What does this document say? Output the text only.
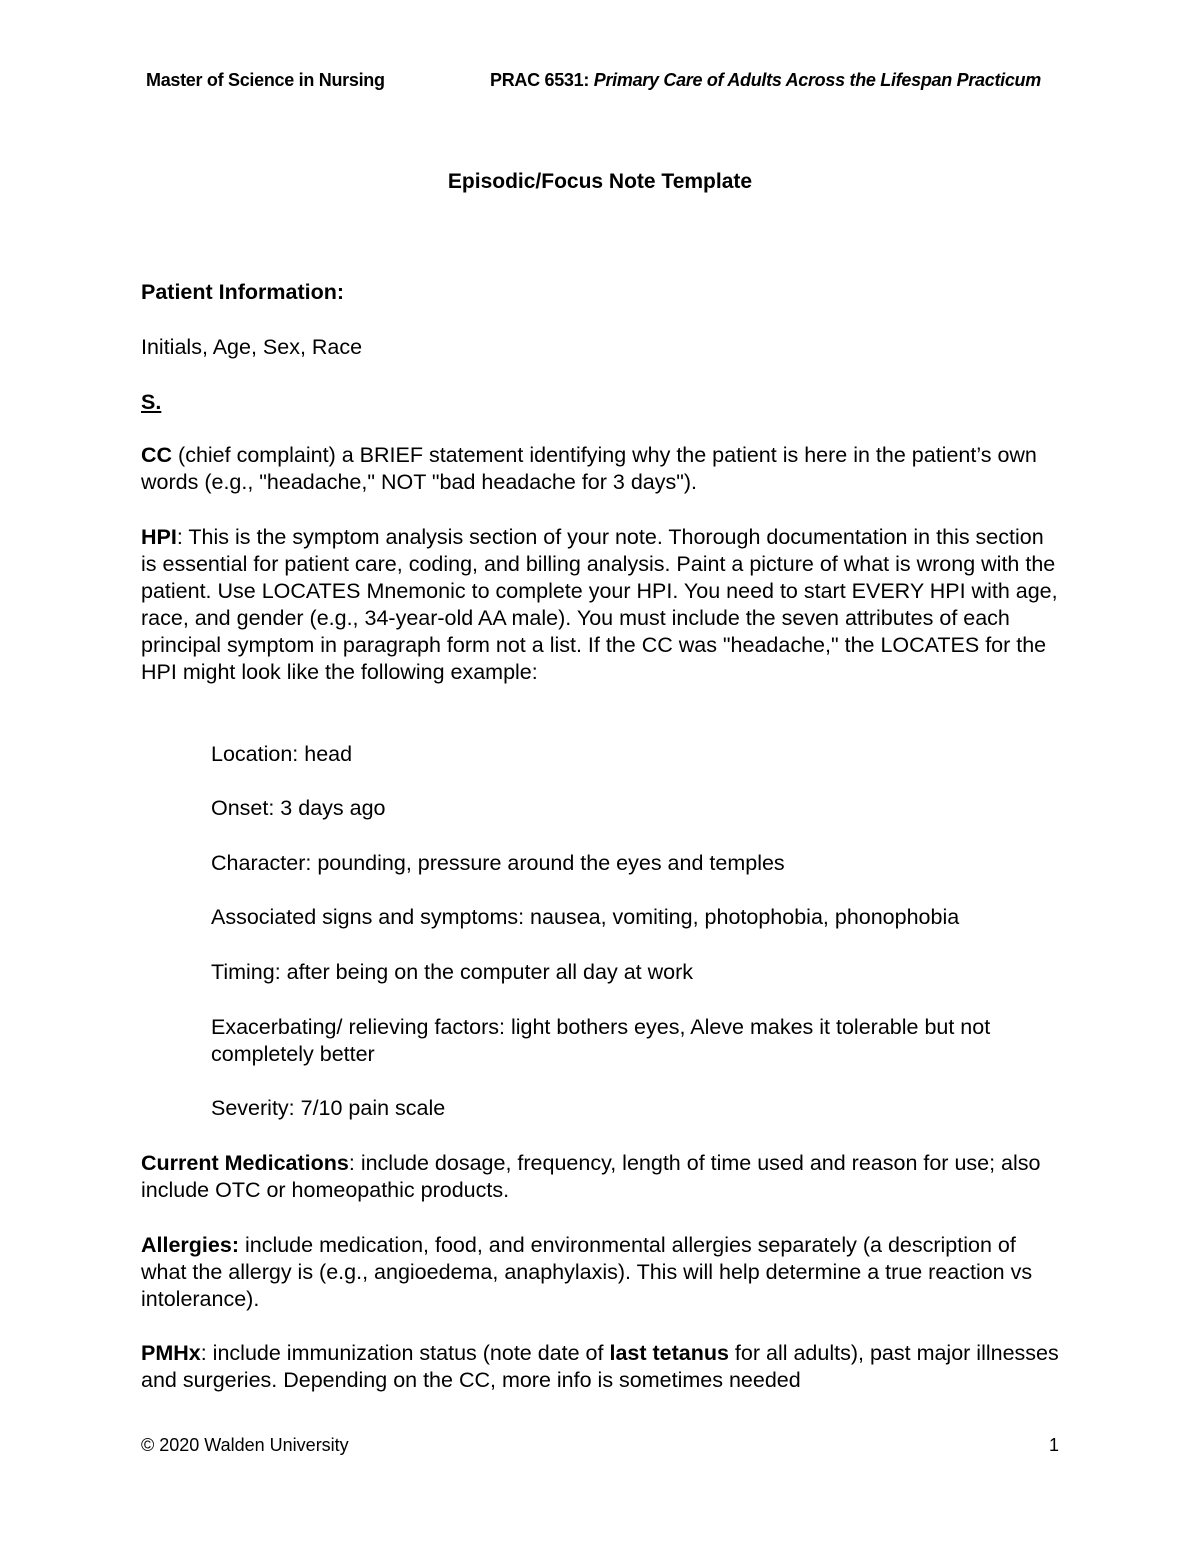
Master of Science in Nursing	PRAC 6531: Primary Care of Adults Across the Lifespan Practicum
Episodic/Focus Note Template

Patient Information:

Initials, Age, Sex, Race

S.

CC (chief complaint) a BRIEF statement identifying why the patient is here in the patient’s own words (e.g., "headache," NOT "bad headache for 3 days").

HPI: This is the symptom analysis section of your note. Thorough documentation in this section is essential for patient care, coding, and billing analysis. Paint a picture of what is wrong with the patient. Use LOCATES Mnemonic to complete your HPI. You need to start EVERY HPI with age, race, and gender (e.g., 34-year-old AA male). You must include the seven attributes of each principal symptom in paragraph form not a list. If the CC was "headache," the LOCATES for the HPI might look like the following example:

Location: head

Onset: 3 days ago

Character: pounding, pressure around the eyes and temples

Associated signs and symptoms: nausea, vomiting, photophobia, phonophobia

Timing: after being on the computer all day at work

Exacerbating/ relieving factors: light bothers eyes, Aleve makes it tolerable but not completely better

Severity: 7/10 pain scale

Current Medications: include dosage, frequency, length of time used and reason for use; also include OTC or homeopathic products.

Allergies: include medication, food, and environmental allergies separately (a description of what the allergy is (e.g., angioedema, anaphylaxis). This will help determine a true reaction vs intolerance).

PMHx: include immunization status (note date of last tetanus for all adults), past major illnesses and surgeries. Depending on the CC, more info is sometimes needed

© 2020 Walden University	1
